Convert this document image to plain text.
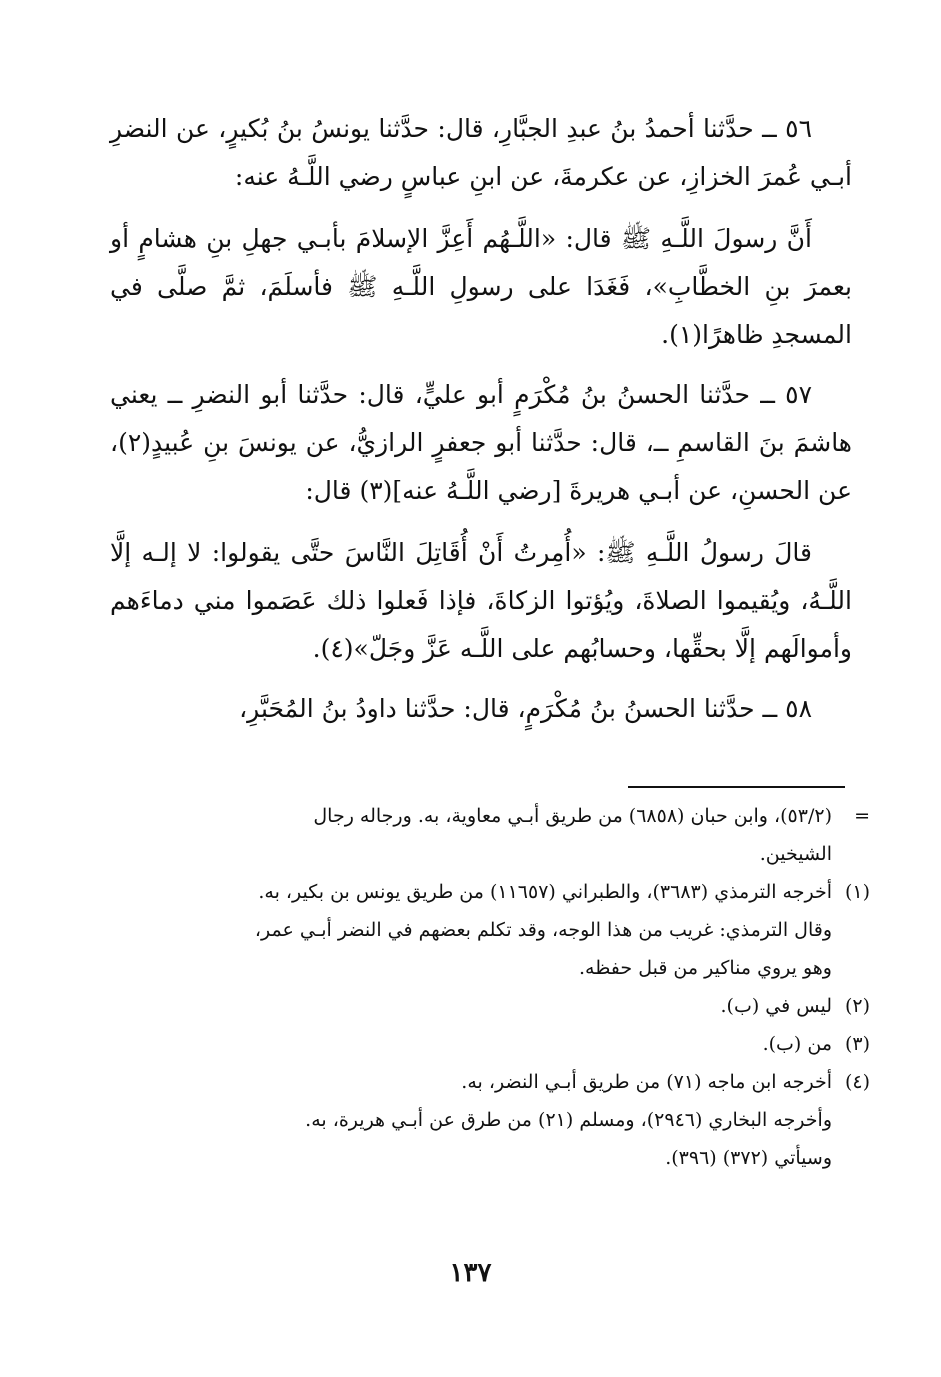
٥٦ ــ حدَّثنا أحمدُ بنُ عبدِ الجبَّارِ، قال: حدَّثنا يونسُ بنُ بُكيرٍ، عن النضرِ أبـي عُمرَ الخزازِ، عن عكرمةَ، عن ابنِ عباسٍ رضي اللَّـهُ عنه:

أَنَّ رسولَ اللَّـهِ ﷺ قال: «اللَّـهُم أَعِزَّ الإسلامَ بأبـي جهلِ بنِ هشامٍ أو بعمرَ بنِ الخطَّابِ»، فَغَدَا على رسولِ اللَّـهِ ﷺ فأسلَمَ، ثمَّ صلَّى في المسجدِ ظاهرًا(١).

٥٧ ــ حدَّثنا الحسنُ بنُ مُكْرَمٍ أبو عليٍّ، قال: حدَّثنا أبو النضرِ ــ يعني هاشمَ بنَ القاسمِ ــ، قال: حدَّثنا أبو جعفرٍ الرازيُّ، عن يونسَ بنِ عُبيدٍ(٢)، عن الحسنِ، عن أبـي هريرةَ [رضي اللَّـهُ عنه](٣) قال:

قالَ رسولُ اللَّـهِ ﷺ: «أُمِرتُ أَنْ أُقَاتِلَ النَّاسَ حتَّى يقولوا: لا إلـه إلَّا اللَّـهُ، ويُقيموا الصلاةَ، ويُؤتوا الزكاةَ، فإذا فَعلوا ذلك عَصَموا مني دماءَهم وأموالَهم إلَّا بحقِّها، وحسابُهم على اللَّـه عَزَّ وجَلّ»(٤).

٥٨ ــ حدَّثنا الحسنُ بنُ مُكْرَمٍ، قال: حدَّثنا داودُ بنُ المُحَبَّرِ،

=
(٥٣/٢)، وابن حبان (٦٨٥٨) من طريق أبـي معاوية، به. ورجاله رجال
الشيخين.
(١)
أخرجه الترمذي (٣٦٨٣)، والطبراني (١١٦٥٧) من طريق يونس بن بكير، به.
وقال الترمذي: غريب من هذا الوجه، وقد تكلم بعضهم في النضر أبـي عمر،
وهو يروي مناكير من قبل حفظه.
(٢)
ليس في (ب).
(٣)
من (ب).
(٤)
أخرجه ابن ماجه (٧١) من طريق أبـي النضر، به.
وأخرجه البخاري (٢٩٤٦)، ومسلم (٢١) من طرق عن أبـي هريرة، به.
وسيأتي (٣٧٢) (٣٩٦).
١٣٧
